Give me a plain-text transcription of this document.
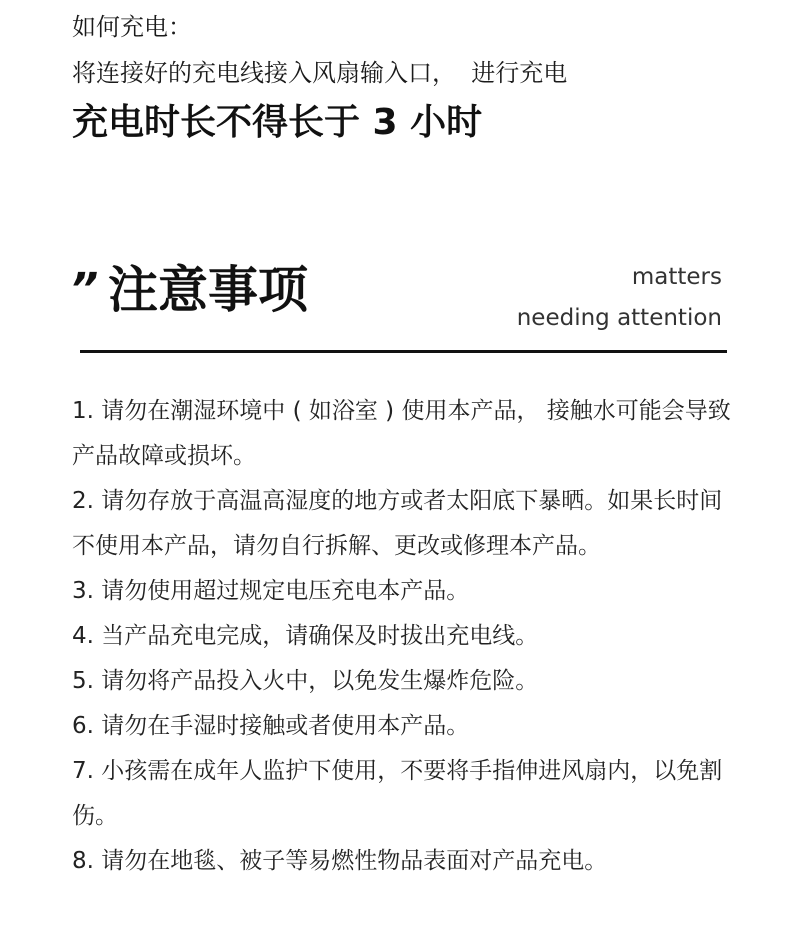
如何充电：
将连接好的充电线接入风扇输入口，  进行充电
充电时长不得长于 3 小时
” 注意事项	matters
needing attention
1. 请勿在潮湿环境中 ( 如浴室 ) 使用本产品， 接触水可能会导致产品故障或损坏。
2. 请勿存放于高温高湿度的地方或者太阳底下暴晒。如果长时间不使用本产品，请勿自行拆解、更改或修理本产品。
3. 请勿使用超过规定电压充电本产品。
4. 当产品充电完成，请确保及时拔出充电线。
5. 请勿将产品投入火中，以免发生爆炸危险。
6. 请勿在手湿时接触或者使用本产品。
7. 小孩需在成年人监护下使用，不要将手指伸进风扇内，以免割伤。
8. 请勿在地毯、被子等易燃性物品表面对产品充电。
